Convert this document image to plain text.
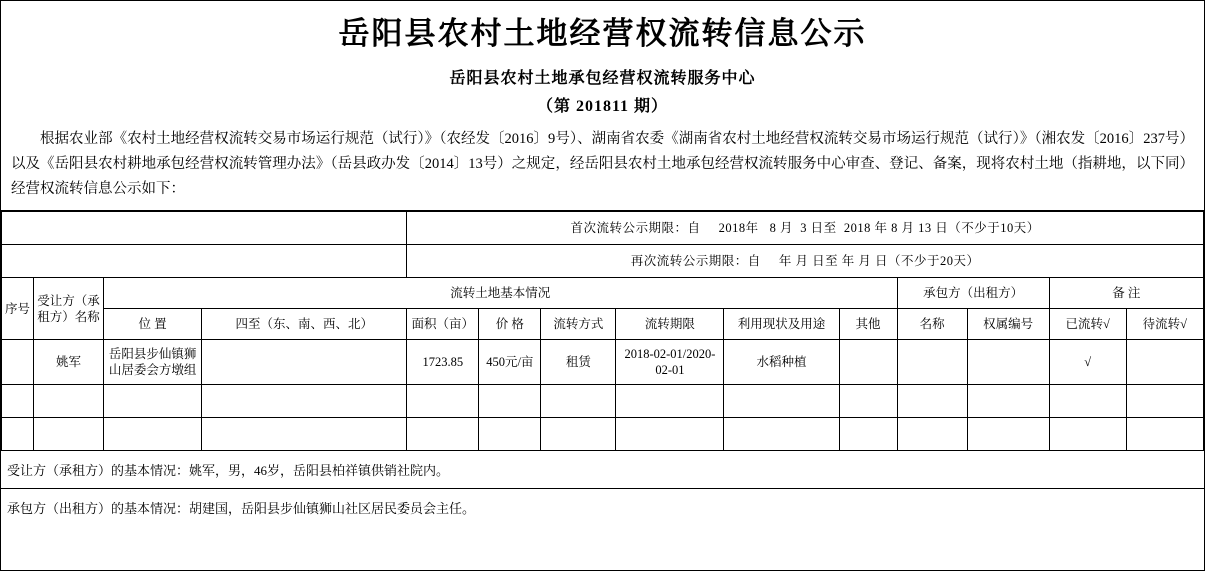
岳阳县农村土地经营权流转信息公示
岳阳县农村土地承包经营权流转服务中心
（第 201811 期）
根据农业部《农村土地经营权流转交易市场运行规范（试行）》（农经发〔2016〕9号）、湖南省农委《湖南省农村土地经营权流转交易市场运行规范（试行）》（湘农发〔2016〕237号）以及《岳阳县农村耕地承包经营权流转管理办法》（岳县政办发〔2014〕13号）之规定，经岳阳县农村土地承包经营权流转服务中心审查、登记、备案，现将农村土地（指耕地，以下同）经营权流转信息公示如下：
				首次流转公示期限：自 2018年 8 月 3 日至 2018 年 8 月 13 日（不少于10天）									
				再次流转公示期限：自 年 月 日至 年 月 日（不少于20天）									
序号	受让方（承租方）名称	流转土地基本情况								承包方（出租方）		备 注	
		位 置	四至（东、南、西、北）	面积（亩）	价 格	流转方式	流转期限	利用现状及用途	其他	名称	权属编号	已流转√	待流转√
	姚军	岳阳县步仙镇狮山居委会方墩组		1723.85	450元/亩	租赁	2018-02-01/2020-02-01	水稻种植				√	

受让方（承租方）的基本情况：姚军，男，46岁，岳阳县柏祥镇供销社院内。
承包方（出租方）的基本情况：胡建国，岳阳县步仙镇狮山社区居民委员会主任。
